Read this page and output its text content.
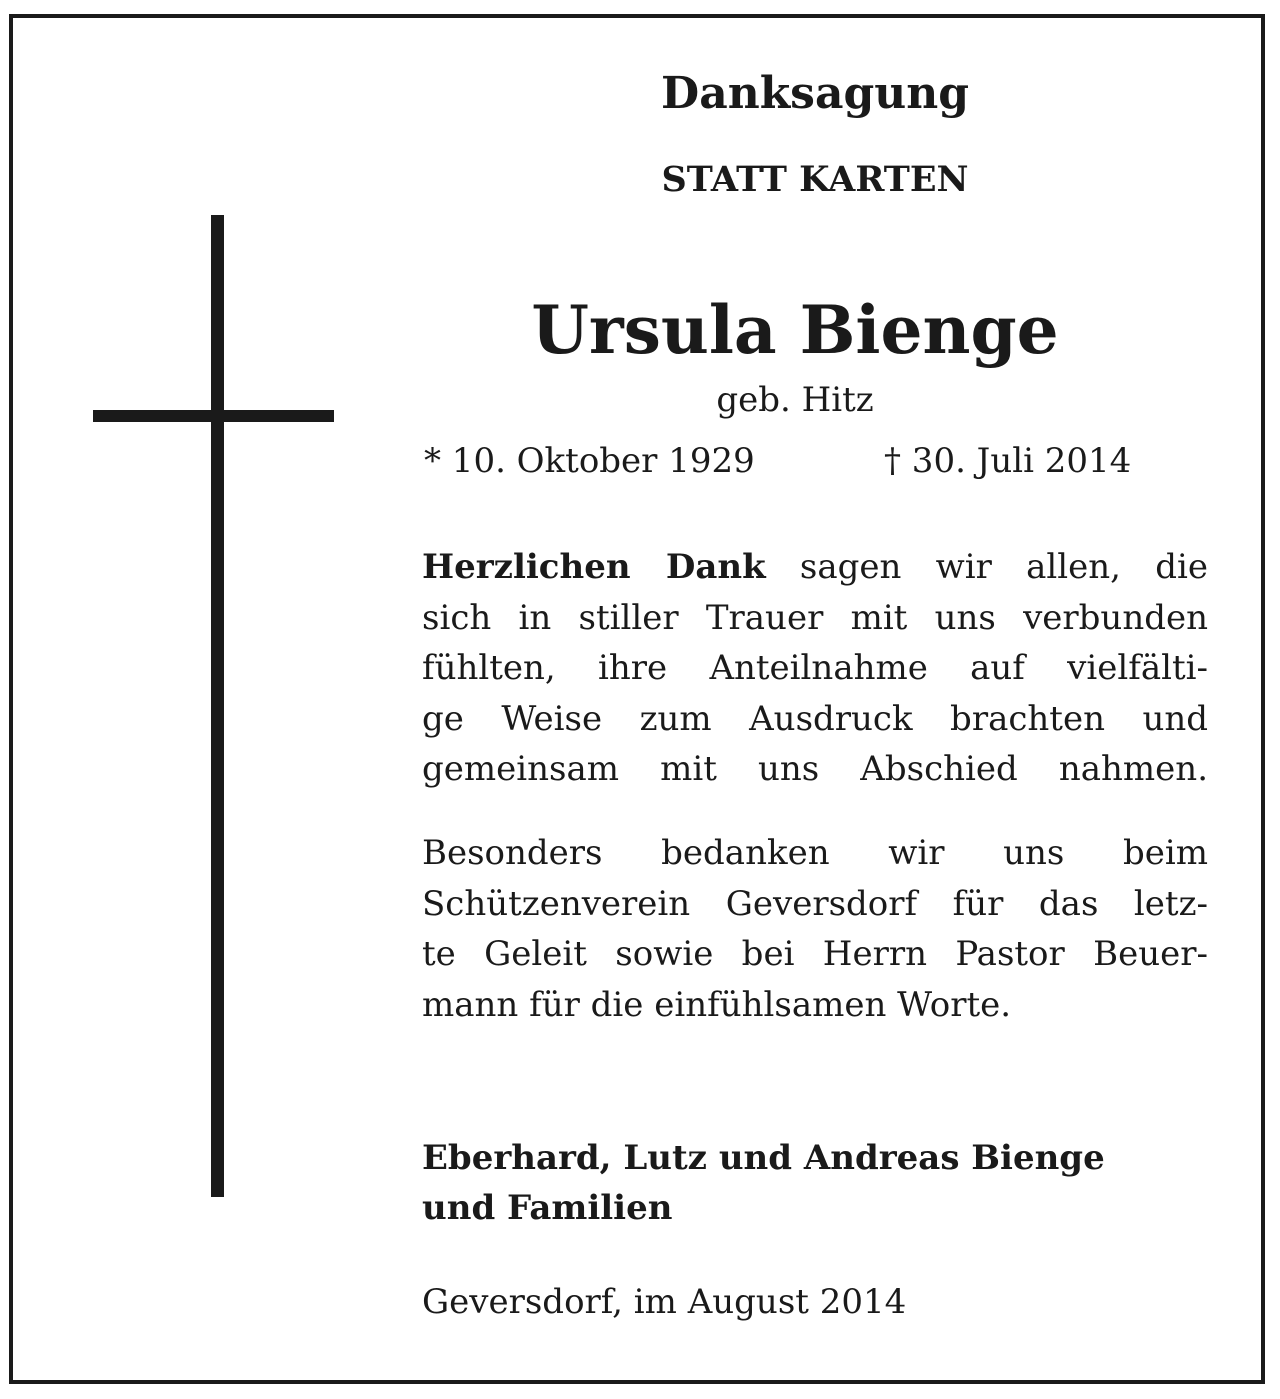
Danksagung
STATT KARTEN
Ursula Bienge
geb. Hitz
* 10. Oktober 1929	† 30. Juli 2014
Herzlichen Dank sagen wir allen, die
sich in stiller Trauer mit uns verbunden
fühlten, ihre Anteilnahme auf vielfälti-
ge Weise zum Ausdruck brachten und
gemeinsam mit uns Abschied nahmen.
Besonders bedanken wir uns beim
Schützenverein Geversdorf für das letz-
te Geleit sowie bei Herrn Pastor Beuer-
mann für die einfühlsamen Worte.
Eberhard, Lutz und Andreas Bienge
und Familien
Geversdorf, im August 2014
